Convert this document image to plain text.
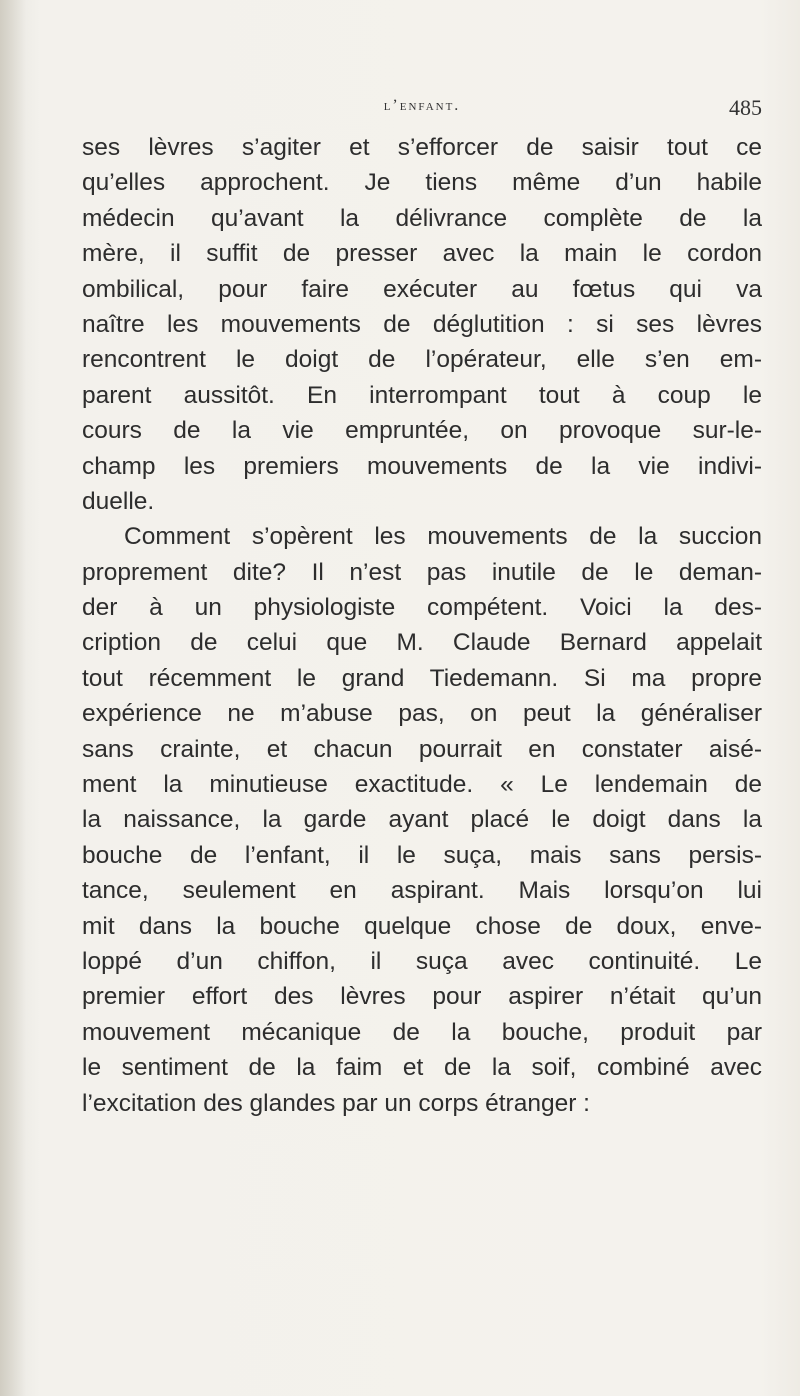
l’enfant.	485
ses lèvres s’agiter et s’efforcer de saisir tout ce
qu’elles approchent. Je tiens même d’un habile
médecin qu’avant la délivrance complète de la
mère, il suffit de presser avec la main le cordon
ombilical, pour faire exécuter au fœtus qui va
naître les mouvements de déglutition : si ses lèvres
rencontrent le doigt de l’opérateur, elle s’en em-
parent aussitôt. En interrompant tout à coup le
cours de la vie empruntée, on provoque sur-le-
champ les premiers mouvements de la vie indivi-
duelle.
Comment s’opèrent les mouvements de la succion
proprement dite? Il n’est pas inutile de le deman-
der à un physiologiste compétent. Voici la des-
cription de celui que M. Claude Bernard appelait
tout récemment le grand Tiedemann. Si ma propre
expérience ne m’abuse pas, on peut la généraliser
sans crainte, et chacun pourrait en constater aisé-
ment la minutieuse exactitude. « Le lendemain de
la naissance, la garde ayant placé le doigt dans la
bouche de l’enfant, il le suça, mais sans persis-
tance, seulement en aspirant. Mais lorsqu’on lui
mit dans la bouche quelque chose de doux, enve-
loppé d’un chiffon, il suça avec continuité. Le
premier effort des lèvres pour aspirer n’était qu’un
mouvement mécanique de la bouche, produit par
le sentiment de la faim et de la soif, combiné avec
l’excitation des glandes par un corps étranger :
